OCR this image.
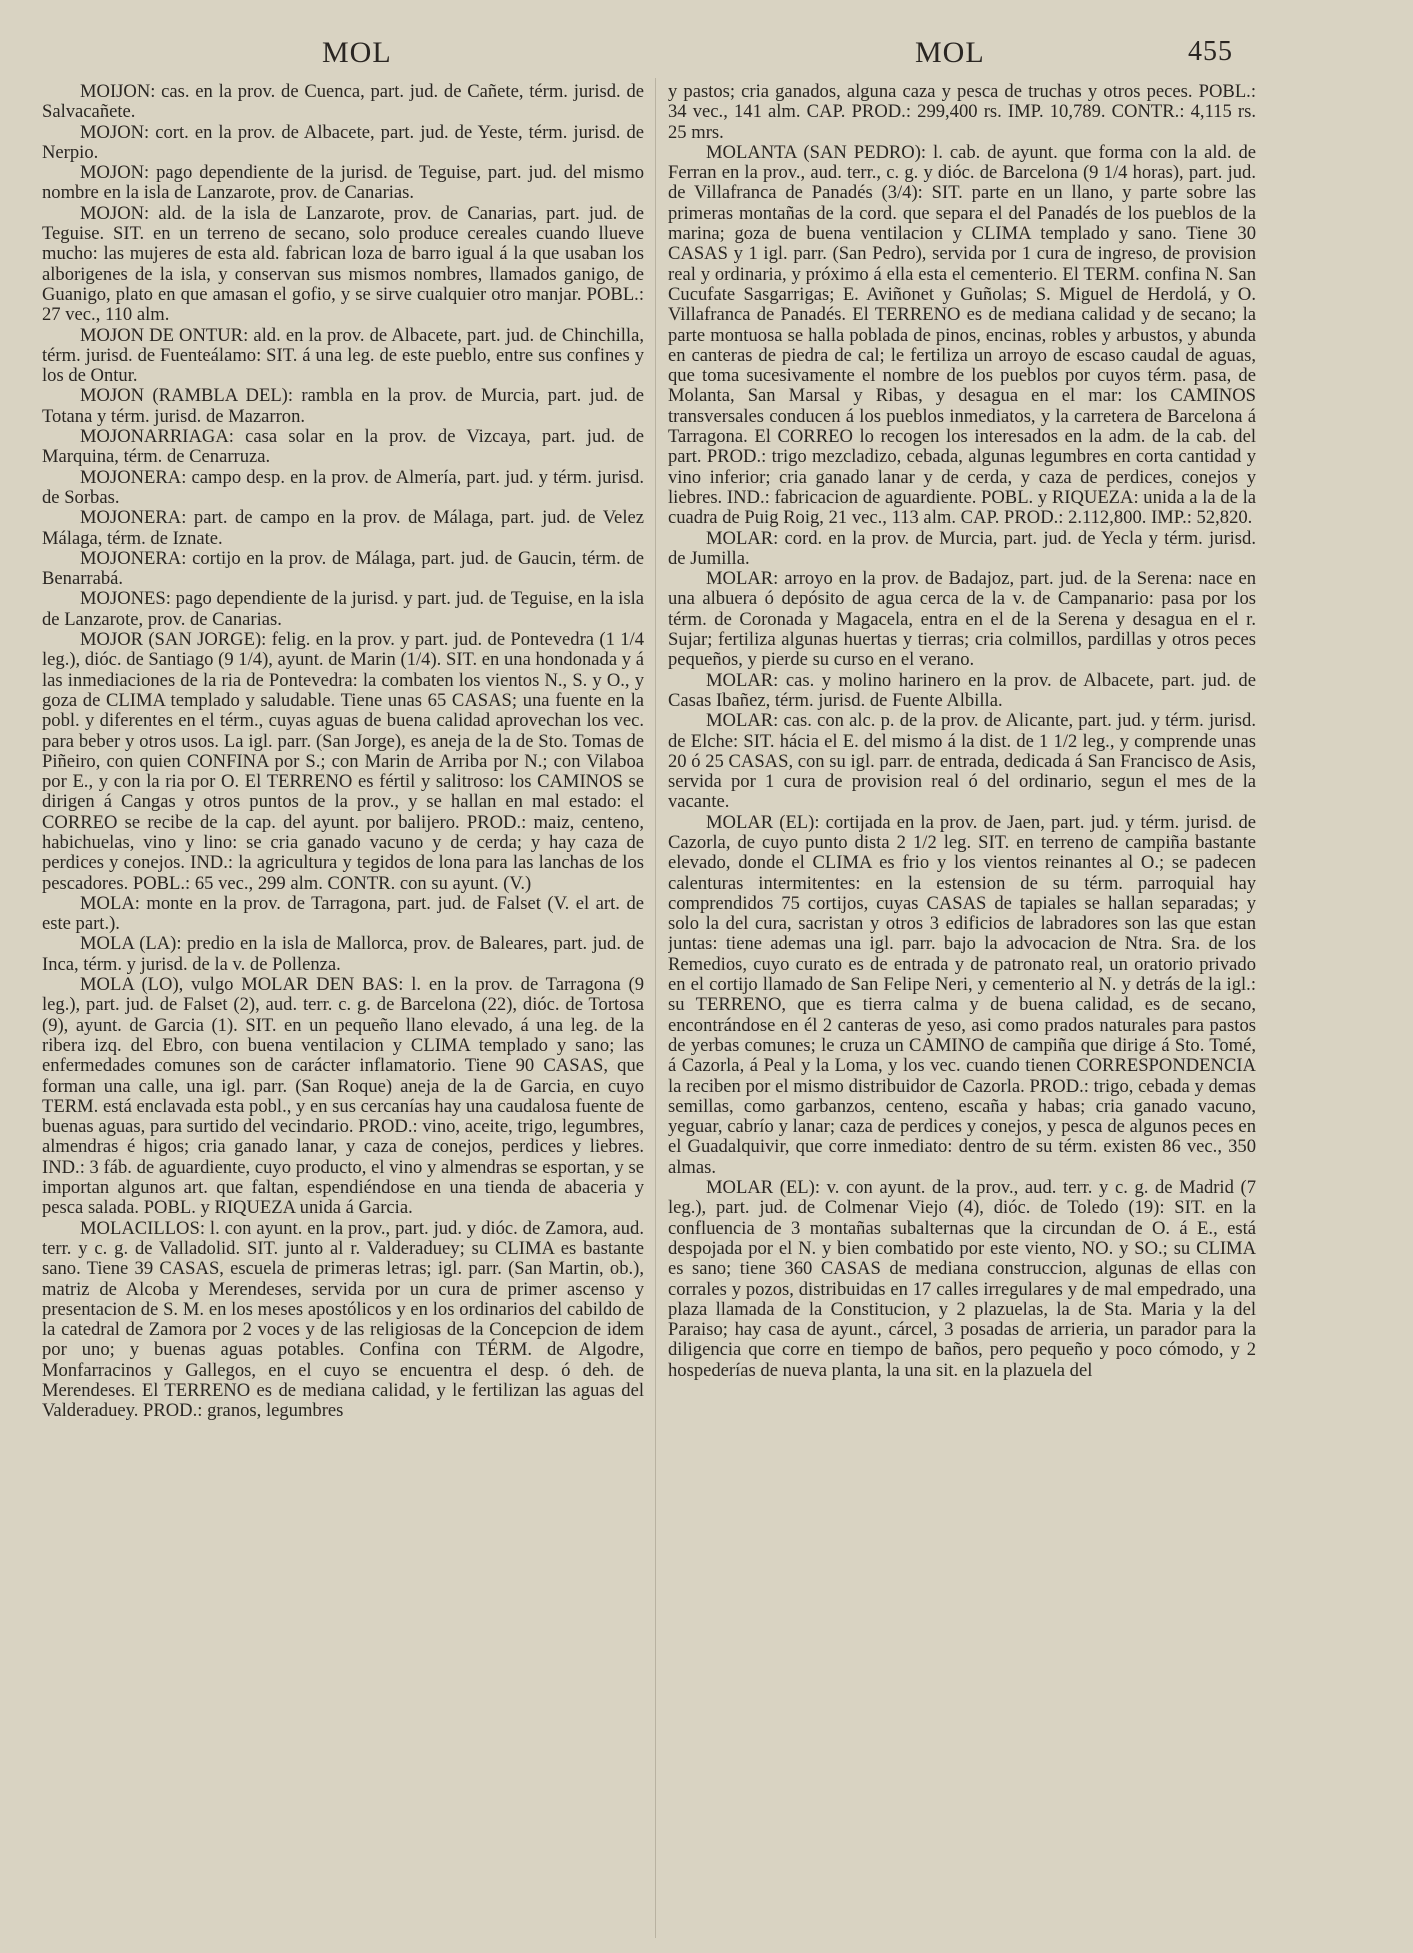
MOL	MOL	455

MOIJON: cas. en la prov. de Cuenca, part. jud. de Cañete, térm. jurisd. de Salvacañete.

MOJON: cort. en la prov. de Albacete, part. jud. de Yeste, térm. jurisd. de Nerpio.

MOJON: pago dependiente de la jurisd. de Teguise, part. jud. del mismo nombre en la isla de Lanzarote, prov. de Canarias.

MOJON: ald. de la isla de Lanzarote, prov. de Canarias, part. jud. de Teguise. SIT. en un terreno de secano, solo produce cereales cuando llueve mucho: las mujeres de esta ald. fabrican loza de barro igual á la que usaban los alborigenes de la isla, y conservan sus mismos nombres, llamados ganigo, de Guanigo, plato en que amasan el gofio, y se sirve cualquier otro manjar. POBL.: 27 vec., 110 alm.

MOJON DE ONTUR: ald. en la prov. de Albacete, part. jud. de Chinchilla, térm. jurisd. de Fuenteálamo: SIT. á una leg. de este pueblo, entre sus confines y los de Ontur.

MOJON (RAMBLA DEL): rambla en la prov. de Murcia, part. jud. de Totana y térm. jurisd. de Mazarron.

MOJONARRIAGA: casa solar en la prov. de Vizcaya, part. jud. de Marquina, térm. de Cenarruza.

MOJONERA: campo desp. en la prov. de Almería, part. jud. y térm. jurisd. de Sorbas.

MOJONERA: part. de campo en la prov. de Málaga, part. jud. de Velez Málaga, térm. de Iznate.

MOJONERA: cortijo en la prov. de Málaga, part. jud. de Gaucin, térm. de Benarrabá.

MOJONES: pago dependiente de la jurisd. y part. jud. de Teguise, en la isla de Lanzarote, prov. de Canarias.

MOJOR (SAN JORGE): felig. en la prov. y part. jud. de Pontevedra (1 1/4 leg.), dióc. de Santiago (9 1/4), ayunt. de Marin (1/4). SIT. en una hondonada y á las inmediaciones de la ria de Pontevedra: la combaten los vientos N., S. y O., y goza de CLIMA templado y saludable. Tiene unas 65 CASAS; una fuente en la pobl. y diferentes en el térm., cuyas aguas de buena calidad aprovechan los vec. para beber y otros usos. La igl. parr. (San Jorge), es aneja de la de Sto. Tomas de Piñeiro, con quien CONFINA por S.; con Marin de Arriba por N.; con Vilaboa por E., y con la ria por O. El TERRENO es fértil y salitroso: los CAMINOS se dirigen á Cangas y otros puntos de la prov., y se hallan en mal estado: el CORREO se recibe de la cap. del ayunt. por balijero. PROD.: maiz, centeno, habichuelas, vino y lino: se cria ganado vacuno y de cerda; y hay caza de perdices y conejos. IND.: la agricultura y tegidos de lona para las lanchas de los pescadores. POBL.: 65 vec., 299 alm. CONTR. con su ayunt. (V.)

MOLA: monte en la prov. de Tarragona, part. jud. de Falset (V. el art. de este part.).

MOLA (LA): predio en la isla de Mallorca, prov. de Baleares, part. jud. de Inca, térm. y jurisd. de la v. de Pollenza.

MOLA (LO), vulgo MOLAR DEN BAS: l. en la prov. de Tarragona (9 leg.), part. jud. de Falset (2), aud. terr. c. g. de Barcelona (22), dióc. de Tortosa (9), ayunt. de Garcia (1). SIT. en un pequeño llano elevado, á una leg. de la ribera izq. del Ebro, con buena ventilacion y CLIMA templado y sano; las enfermedades comunes son de carácter inflamatorio. Tiene 90 CASAS, que forman una calle, una igl. parr. (San Roque) aneja de la de Garcia, en cuyo TERM. está enclavada esta pobl., y en sus cercanías hay una caudalosa fuente de buenas aguas, para surtido del vecindario. PROD.: vino, aceite, trigo, legumbres, almendras é higos; cria ganado lanar, y caza de conejos, perdices y liebres. IND.: 3 fáb. de aguardiente, cuyo producto, el vino y almendras se esportan, y se importan algunos art. que faltan, espendiéndose en una tienda de abaceria y pesca salada. POBL. y RIQUEZA unida á Garcia.

MOLACILLOS: l. con ayunt. en la prov., part. jud. y dióc. de Zamora, aud. terr. y c. g. de Valladolid. SIT. junto al r. Valderaduey; su CLIMA es bastante sano. Tiene 39 CASAS, escuela de primeras letras; igl. parr. (San Martin, ob.), matriz de Alcoba y Merendeses, servida por un cura de primer ascenso y presentacion de S. M. en los meses apostólicos y en los ordinarios del cabildo de la catedral de Zamora por 2 voces y de las religiosas de la Concepcion de idem por uno; y buenas aguas potables. Confina con TÉRM. de Algodre, Monfarracinos y Gallegos, en el cuyo se encuentra el desp. ó deh. de Merendeses. El TERRENO es de mediana calidad, y le fertilizan las aguas del Valderaduey. PROD.: granos, legumbres

y pastos; cria ganados, alguna caza y pesca de truchas y otros peces. POBL.: 34 vec., 141 alm. CAP. PROD.: 299,400 rs. IMP. 10,789. CONTR.: 4,115 rs. 25 mrs.

MOLANTA (SAN PEDRO): l. cab. de ayunt. que forma con la ald. de Ferran en la prov., aud. terr., c. g. y dióc. de Barcelona (9 1/4 horas), part. jud. de Villafranca de Panadés (3/4): SIT. parte en un llano, y parte sobre las primeras montañas de la cord. que separa el del Panadés de los pueblos de la marina; goza de buena ventilacion y CLIMA templado y sano. Tiene 30 CASAS y 1 igl. parr. (San Pedro), servida por 1 cura de ingreso, de provision real y ordinaria, y próximo á ella esta el cementerio. El TERM. confina N. San Cucufate Sasgarrigas; E. Aviñonet y Guñolas; S. Miguel de Herdolá, y O. Villafranca de Panadés. El TERRENO es de mediana calidad y de secano; la parte montuosa se halla poblada de pinos, encinas, robles y arbustos, y abunda en canteras de piedra de cal; le fertiliza un arroyo de escaso caudal de aguas, que toma sucesivamente el nombre de los pueblos por cuyos térm. pasa, de Molanta, San Marsal y Ribas, y desagua en el mar: los CAMINOS transversales conducen á los pueblos inmediatos, y la carretera de Barcelona á Tarragona. El CORREO lo recogen los interesados en la adm. de la cab. del part. PROD.: trigo mezcladizo, cebada, algunas legumbres en corta cantidad y vino inferior; cria ganado lanar y de cerda, y caza de perdices, conejos y liebres. IND.: fabricacion de aguardiente. POBL. y RIQUEZA: unida a la de la cuadra de Puig Roig, 21 vec., 113 alm. CAP. PROD.: 2.112,800. IMP.: 52,820.

MOLAR: cord. en la prov. de Murcia, part. jud. de Yecla y térm. jurisd. de Jumilla.

MOLAR: arroyo en la prov. de Badajoz, part. jud. de la Serena: nace en una albuera ó depósito de agua cerca de la v. de Campanario: pasa por los térm. de Coronada y Magacela, entra en el de la Serena y desagua en el r. Sujar; fertiliza algunas huertas y tierras; cria colmillos, pardillas y otros peces pequeños, y pierde su curso en el verano.

MOLAR: cas. y molino harinero en la prov. de Albacete, part. jud. de Casas Ibañez, térm. jurisd. de Fuente Albilla.

MOLAR: cas. con alc. p. de la prov. de Alicante, part. jud. y térm. jurisd. de Elche: SIT. hácia el E. del mismo á la dist. de 1 1/2 leg., y comprende unas 20 ó 25 CASAS, con su igl. parr. de entrada, dedicada á San Francisco de Asis, servida por 1 cura de provision real ó del ordinario, segun el mes de la vacante.

MOLAR (EL): cortijada en la prov. de Jaen, part. jud. y térm. jurisd. de Cazorla, de cuyo punto dista 2 1/2 leg. SIT. en terreno de campiña bastante elevado, donde el CLIMA es frio y los vientos reinantes al O.; se padecen calenturas intermitentes: en la estension de su térm. parroquial hay comprendidos 75 cortijos, cuyas CASAS de tapiales se hallan separadas; y solo la del cura, sacristan y otros 3 edificios de labradores son las que estan juntas: tiene ademas una igl. parr. bajo la advocacion de Ntra. Sra. de los Remedios, cuyo curato es de entrada y de patronato real, un oratorio privado en el cortijo llamado de San Felipe Neri, y cementerio al N. y detrás de la igl.: su TERRENO, que es tierra calma y de buena calidad, es de secano, encontrándose en él 2 canteras de yeso, asi como prados naturales para pastos de yerbas comunes; le cruza un CAMINO de campiña que dirige á Sto. Tomé, á Cazorla, á Peal y la Loma, y los vec. cuando tienen CORRESPONDENCIA la reciben por el mismo distribuidor de Cazorla. PROD.: trigo, cebada y demas semillas, como garbanzos, centeno, escaña y habas; cria ganado vacuno, yeguar, cabrío y lanar; caza de perdices y conejos, y pesca de algunos peces en el Guadalquivir, que corre inmediato: dentro de su térm. existen 86 vec., 350 almas.

MOLAR (EL): v. con ayunt. de la prov., aud. terr. y c. g. de Madrid (7 leg.), part. jud. de Colmenar Viejo (4), dióc. de Toledo (19): SIT. en la confluencia de 3 montañas subalternas que la circundan de O. á E., está despojada por el N. y bien combatido por este viento, NO. y SO.; su CLIMA es sano; tiene 360 CASAS de mediana construccion, algunas de ellas con corrales y pozos, distribuidas en 17 calles irregulares y de mal empedrado, una plaza llamada de la Constitucion, y 2 plazuelas, la de Sta. Maria y la del Paraiso; hay casa de ayunt., cárcel, 3 posadas de arrieria, un parador para la diligencia que corre en tiempo de baños, pero pequeño y poco cómodo, y 2 hospederías de nueva planta, la una sit. en la plazuela del
